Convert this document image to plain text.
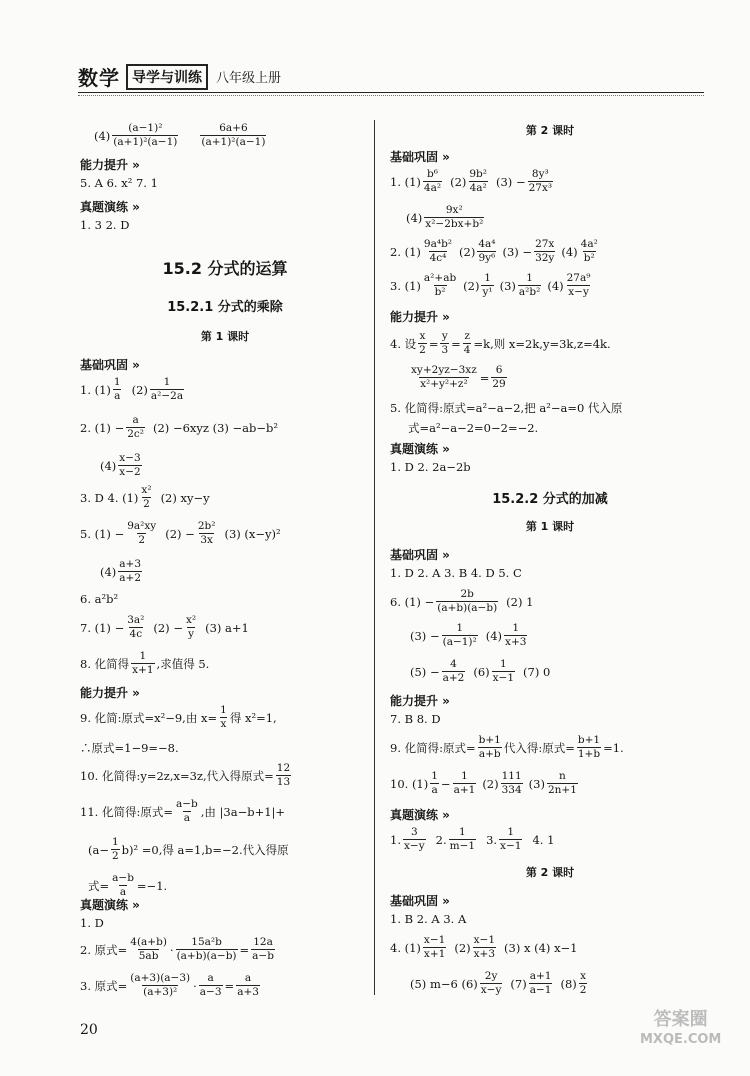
数学 导学与训练	八年级上册
$(4) \frac{\text{(a−1)²}}{\text{(a+1)²(a−1)}} \frac{6a+6}{\text{(a+1)²(a−1)}}$
能力提升 »
5. A 6. x² 7. 1
真题演练 »
1. 3 2. D
15.2 分式的运算
15.2.1 分式的乘除
第 1 课时
基础巩固 »
1. $(1) \frac{1}{a} (2) \frac{1}{\text{a²−2a}}$
2. $(1) - \frac{a}{\text{2c²}} (2) -6xyz$ (3) −ab−b²
$(4) \frac{x-3}{x-2}$
3. D 4. $(1) \frac{\text{x²}}{2} (2)$ xy−y
5. $(1) - \frac{\text{9a²xy}}{2} (2) - \frac{\text{2b²}}{3x} (3)$ (x−y)²
$(4) \frac{a+3}{a+2}$
6. a²b²
7. $(1) - \frac{\text{3a²}}{4c} (2) - \frac{\text{x²}}{y} (3)$ a+1
8. 化简得 $\frac{1}{x+1}$ ,求值得 5.
能力提升 »
9. 化简:原式=x²−9,由 $x= \frac{1}{x}$ 得 x²=1,
∴原式=1−9=−8.
10. 化简得:y=2z,x=3z,代入得原式= $\frac{12}{13}$
11. 化简得:原式= $\frac{a-b}{a}$ ,由 |3a−b+1|+
$(a- \frac{1}{2} b)^2 =0$,得 a=1,b=−2.代入得原
式= $\frac{a-b}{a} =-1$.
真题演练 »
1. D
2. 原式= $\frac{4(a+b)}{5ab} \cdot \frac{\text{15a²b}}{(a+b)(a-b)} = \frac{12a}{a-b}$
3. 原式= $\frac{(a+3)(a-3)}{\text{(a+3)²}} \cdot \frac{a}{a-3} = \frac{a}{a+3}$
第 2 课时
基础巩固 »
1. $(1) \frac{\text{b⁶}}{\text{4a²}} (2) \frac{\text{9b²}}{\text{4a²}} (3) - \frac{\text{8y³}}{\text{27x³}}$
$(4) \frac{\text{9x²}}{\text{x²−2bx+b²}}$
2. $(1) \frac{\text{9a⁴b²}}{\text{4c⁴}} (2) \frac{\text{4a⁴}}{\text{9y⁶}} (3) - \frac{27x}{32y} (4) \frac{\text{4a²}}{\text{b²}}$
3. $(1) \frac{\text{a²+ab}}{\text{b²}} (2) \frac{1}{\text{y¹}} (3) \frac{1}{\text{a²b²}} (4) \frac{\text{27a⁹}}{x-y}$
能力提升 »
4. 设 $\frac{x}{2} = \frac{y}{3} = \frac{z}{4} =k$,则 x=2k,y=3k,z=4k.
$\frac{xy+2yz-3xz}{\text{x²+y²+z²}} = \frac{6}{29}$
5. 化简得:原式=a²−a−2,把 a²−a=0 代入原
式=a²−a−2=0−2=−2.
真题演练 »
1. D 2. 2a−2b
15.2.2 分式的加减
第 1 课时
基础巩固 »
1. D 2. A 3. B 4. D 5. C
6. $(1) - \frac{2b}{(a+b)(a-b)} (2)$ 1
$(3) - \frac{1}{\text{(a−1)²}} (4) \frac{1}{x+3}$
$(5) - \frac{4}{a+2} (6) \frac{1}{x-1} (7)$ 0
能力提升 »
7. B 8. D
9. 化简得:原式= $\frac{b+1}{a+b}$ 代入得:原式= $\frac{b+1}{1+b} =1$.
10. $(1) \frac{1}{a} - \frac{1}{a+1} (2) \frac{111}{334} (3) \frac{n}{2n+1}$
真题演练 »
1. $\frac{3}{x-y} 2$. $\frac{1}{m-1} 3$. $\frac{1}{x-1} 4$. 1
第 2 课时
基础巩固 »
1. B 2. A 3. A
4. $(1) \frac{x-1}{x+1} (2) \frac{x-1}{x+3} (3)$ x (4) x−1
(5) m−6 $(6) \frac{2y}{x-y} (7) \frac{a+1}{a-1} (8) \frac{x}{2}$
20	答案圈
MXQE.COM
